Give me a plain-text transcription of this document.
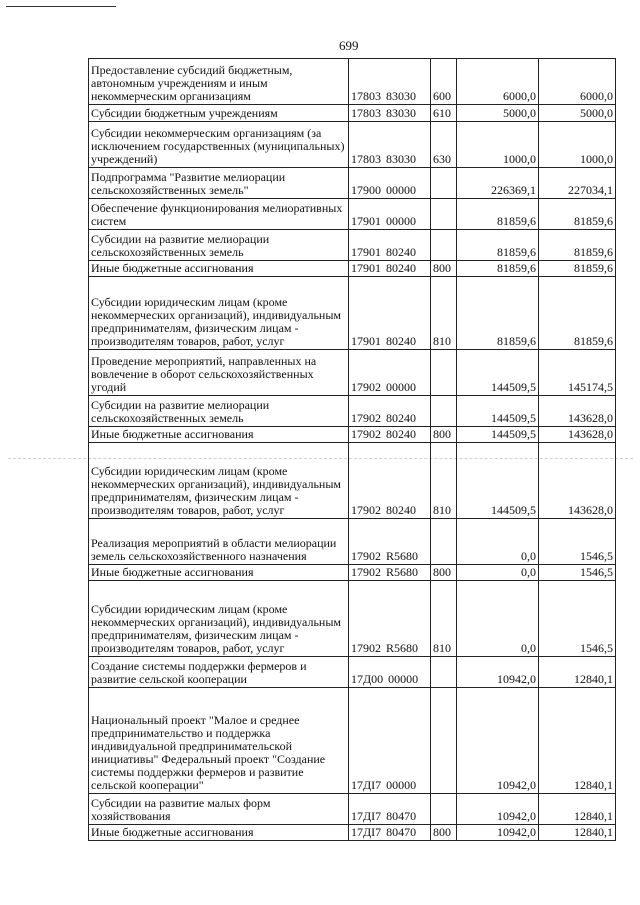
699
Предоставление субсидий бюджетным, автономным учреждениям и иным некоммерческим организациям	17803 83030	600	6000,0	6000,0
Субсидии бюджетным учреждениям	17803 83030	610	5000,0	5000,0
Субсидии некоммерческим организациям (за исключением государственных (муниципальных) учреждений)	17803 83030	630	1000,0	1000,0
Подпрограмма "Развитие мелиорации сельскохозяйственных земель"	17900 00000		226369,1	227034,1
Обеспечение функционирования мелиоративных систем	17901 00000		81859,6	81859,6
Субсидии на развитие мелиорации сельскохозяйственных земель	17901 80240		81859,6	81859,6
Иные бюджетные ассигнования	17901 80240	800	81859,6	81859,6
Субсидии юридическим лицам (кроме некоммерческих организаций), индивидуальным предпринимателям, физическим лицам - производителям товаров, работ, услуг	17901 80240	810	81859,6	81859,6
Проведение мероприятий, направленных на вовлечение в оборот сельскохозяйственных угодий	17902 00000		144509,5	145174,5
Субсидии на развитие мелиорации сельскохозяйственных земель	17902 80240		144509,5	143628,0
Иные бюджетные ассигнования	17902 80240	800	144509,5	143628,0
Субсидии юридическим лицам (кроме некоммерческих организаций), индивидуальным предпринимателям, физическим лицам - производителям товаров, работ, услуг	17902 80240	810	144509,5	143628,0
Реализация мероприятий в области мелиорации земель сельскохозяйственного назначения	17902 R5680		0,0	1546,5
Иные бюджетные ассигнования	17902 R5680	800	0,0	1546,5
Субсидии юридическим лицам (кроме некоммерческих организаций), индивидуальным предпринимателям, физическим лицам - производителям товаров, работ, услуг	17902 R5680	810	0,0	1546,5
Создание системы поддержки фермеров и развитие сельской кооперации	17Д00 00000		10942,0	12840,1
Национальный проект "Малое и среднее предпринимательство и поддержка индивидуальной предпринимательской инициативы" Федеральный проект "Создание системы поддержки фермеров и развитие сельской кооперации"	17ДI7 00000		10942,0	12840,1
Субсидии на развитие малых форм хозяйствования	17ДI7 80470		10942,0	12840,1
Иные бюджетные ассигнования	17ДI7 80470	800	10942,0	12840,1
